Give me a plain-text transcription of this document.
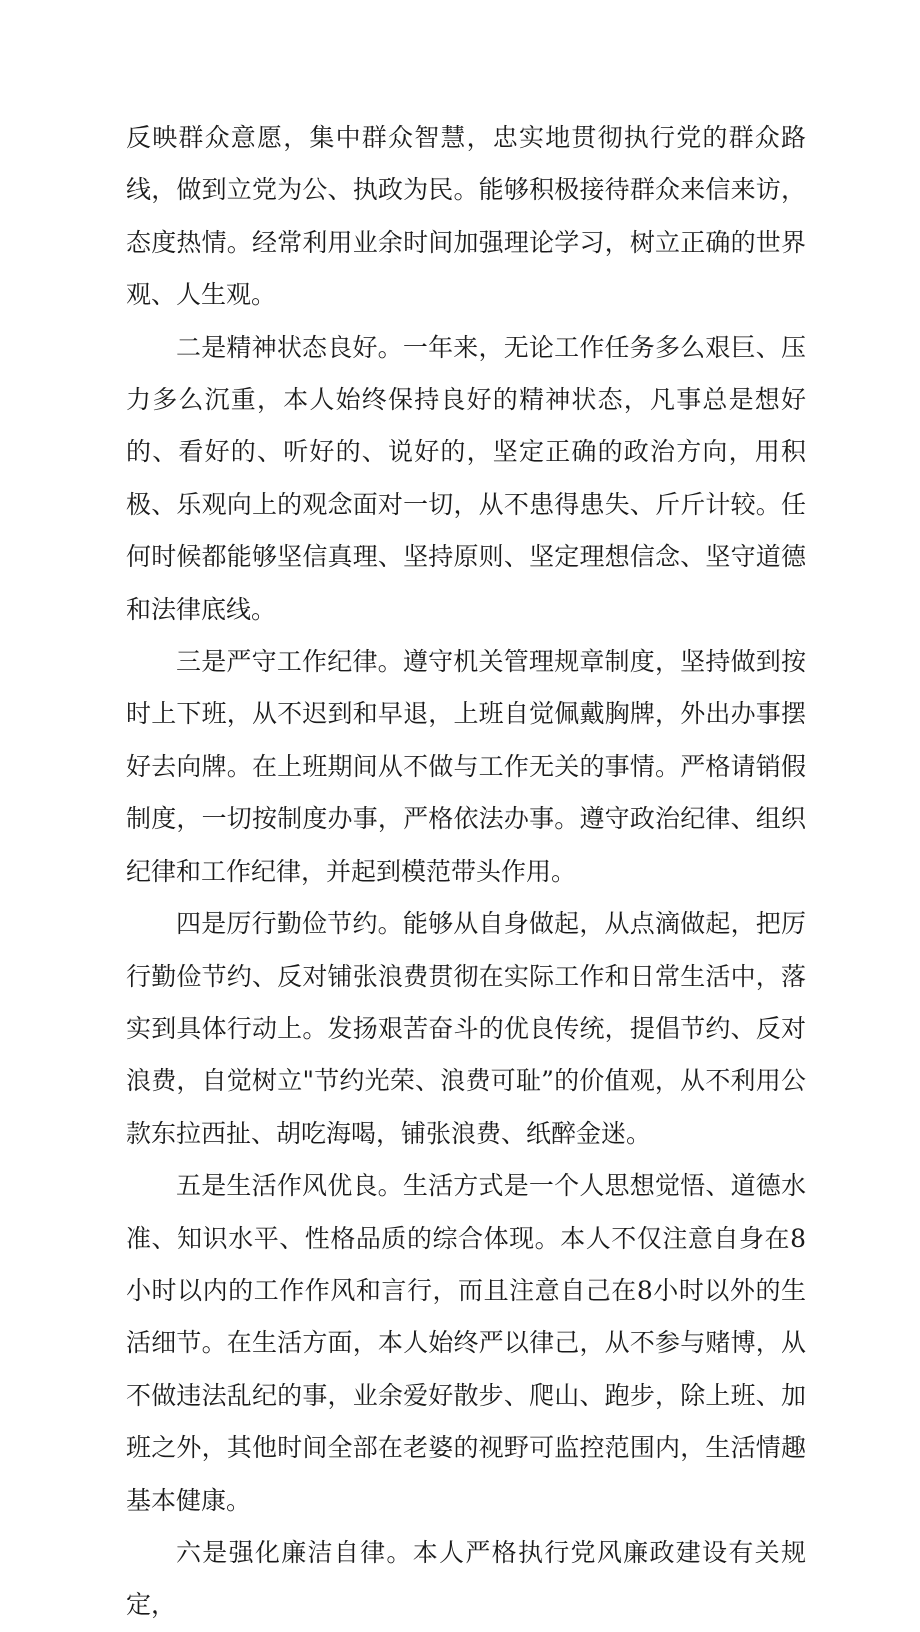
反映群众意愿，集中群众智慧，忠实地贯彻执行党的群众路线，做到立党为公、执政为民。能够积极接待群众来信来访，态度热情。经常利用业余时间加强理论学习，树立正确的世界观、人生观。

二是精神状态良好。一年来，无论工作任务多么艰巨、压力多么沉重，本人始终保持良好的精神状态，凡事总是想好的、看好的、听好的、说好的，坚定正确的政治方向，用积极、乐观向上的观念面对一切，从不患得患失、斤斤计较。任何时候都能够坚信真理、坚持原则、坚定理想信念、坚守道德和法律底线。

三是严守工作纪律。遵守机关管理规章制度，坚持做到按时上下班，从不迟到和早退，上班自觉佩戴胸牌，外出办事摆好去向牌。在上班期间从不做与工作无关的事情。严格请销假制度，一切按制度办事，严格依法办事。遵守政治纪律、组织纪律和工作纪律，并起到模范带头作用。

四是厉行勤俭节约。能够从自身做起，从点滴做起，把厉行勤俭节约、反对铺张浪费贯彻在实际工作和日常生活中，落实到具体行动上。发扬艰苦奋斗的优良传统，提倡节约、反对浪费，自觉树立"节约光荣、浪费可耻”的价值观，从不利用公款东拉西扯、胡吃海喝，铺张浪费、纸醉金迷。

五是生活作风优良。生活方式是一个人思想觉悟、道德水准、知识水平、性格品质的综合体现。本人不仅注意自身在8小时以内的工作作风和言行，而且注意自己在8小时以外的生活细节。在生活方面，本人始终严以律己，从不参与赌博，从不做违法乱纪的事，业余爱好散步、爬山、跑步，除上班、加班之外，其他时间全部在老婆的视野可监控范围内，生活情趣基本健康。

六是强化廉洁自律。本人严格执行党风廉政建设有关规定，
